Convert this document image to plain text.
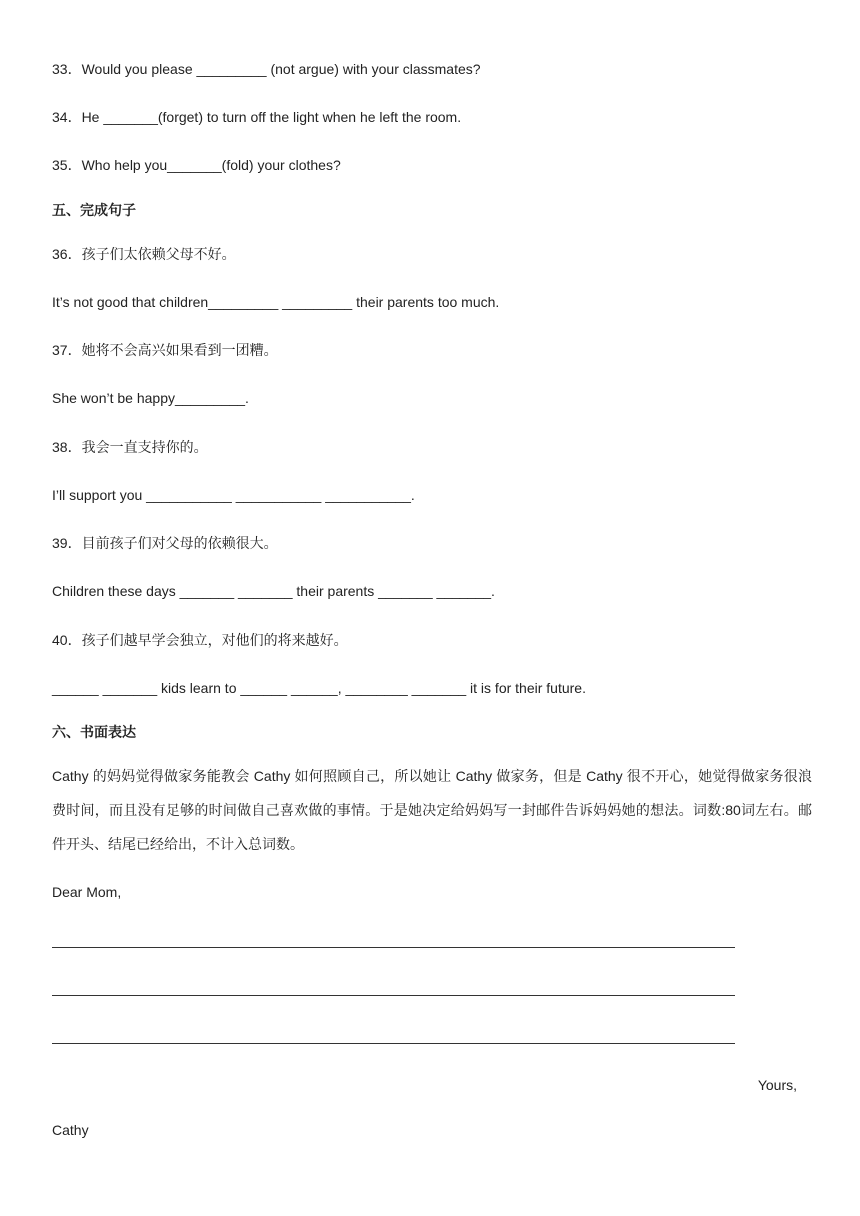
33．Would you please _________ (not argue) with your classmates?
34．He _______(forget) to turn off the light when he left the room.
35．Who help you_______(fold) your clothes?
五、完成句子
36．孩子们太依赖父母不好。
It’s not good that children_________ _________ their parents too much.
37．她将不会高兴如果看到一团糟。
She won’t be happy_________.
38．我会一直支持你的。
I’ll support you ___________ ___________ ___________.
39．目前孩子们对父母的依赖很大。
Children these days _______ _______ their parents _______ _______.
40．孩子们越早学会独立，对他们的将来越好。
______ _______ kids learn to ______ ______, ________ _______ it is for their future.
六、书面表达
Cathy 的妈妈觉得做家务能教会 Cathy 如何照顾自己，所以她让 Cathy 做家务，但是 Cathy 很不开心，她觉得做家务很浪费时间，而且没有足够的时间做自己喜欢做的事情。于是她决定给妈妈写一封邮件告诉妈妈她的想法。词数:80词左右。邮件开头、结尾已经给出，不计入总词数。
Dear Mom,
Yours,
Cathy
